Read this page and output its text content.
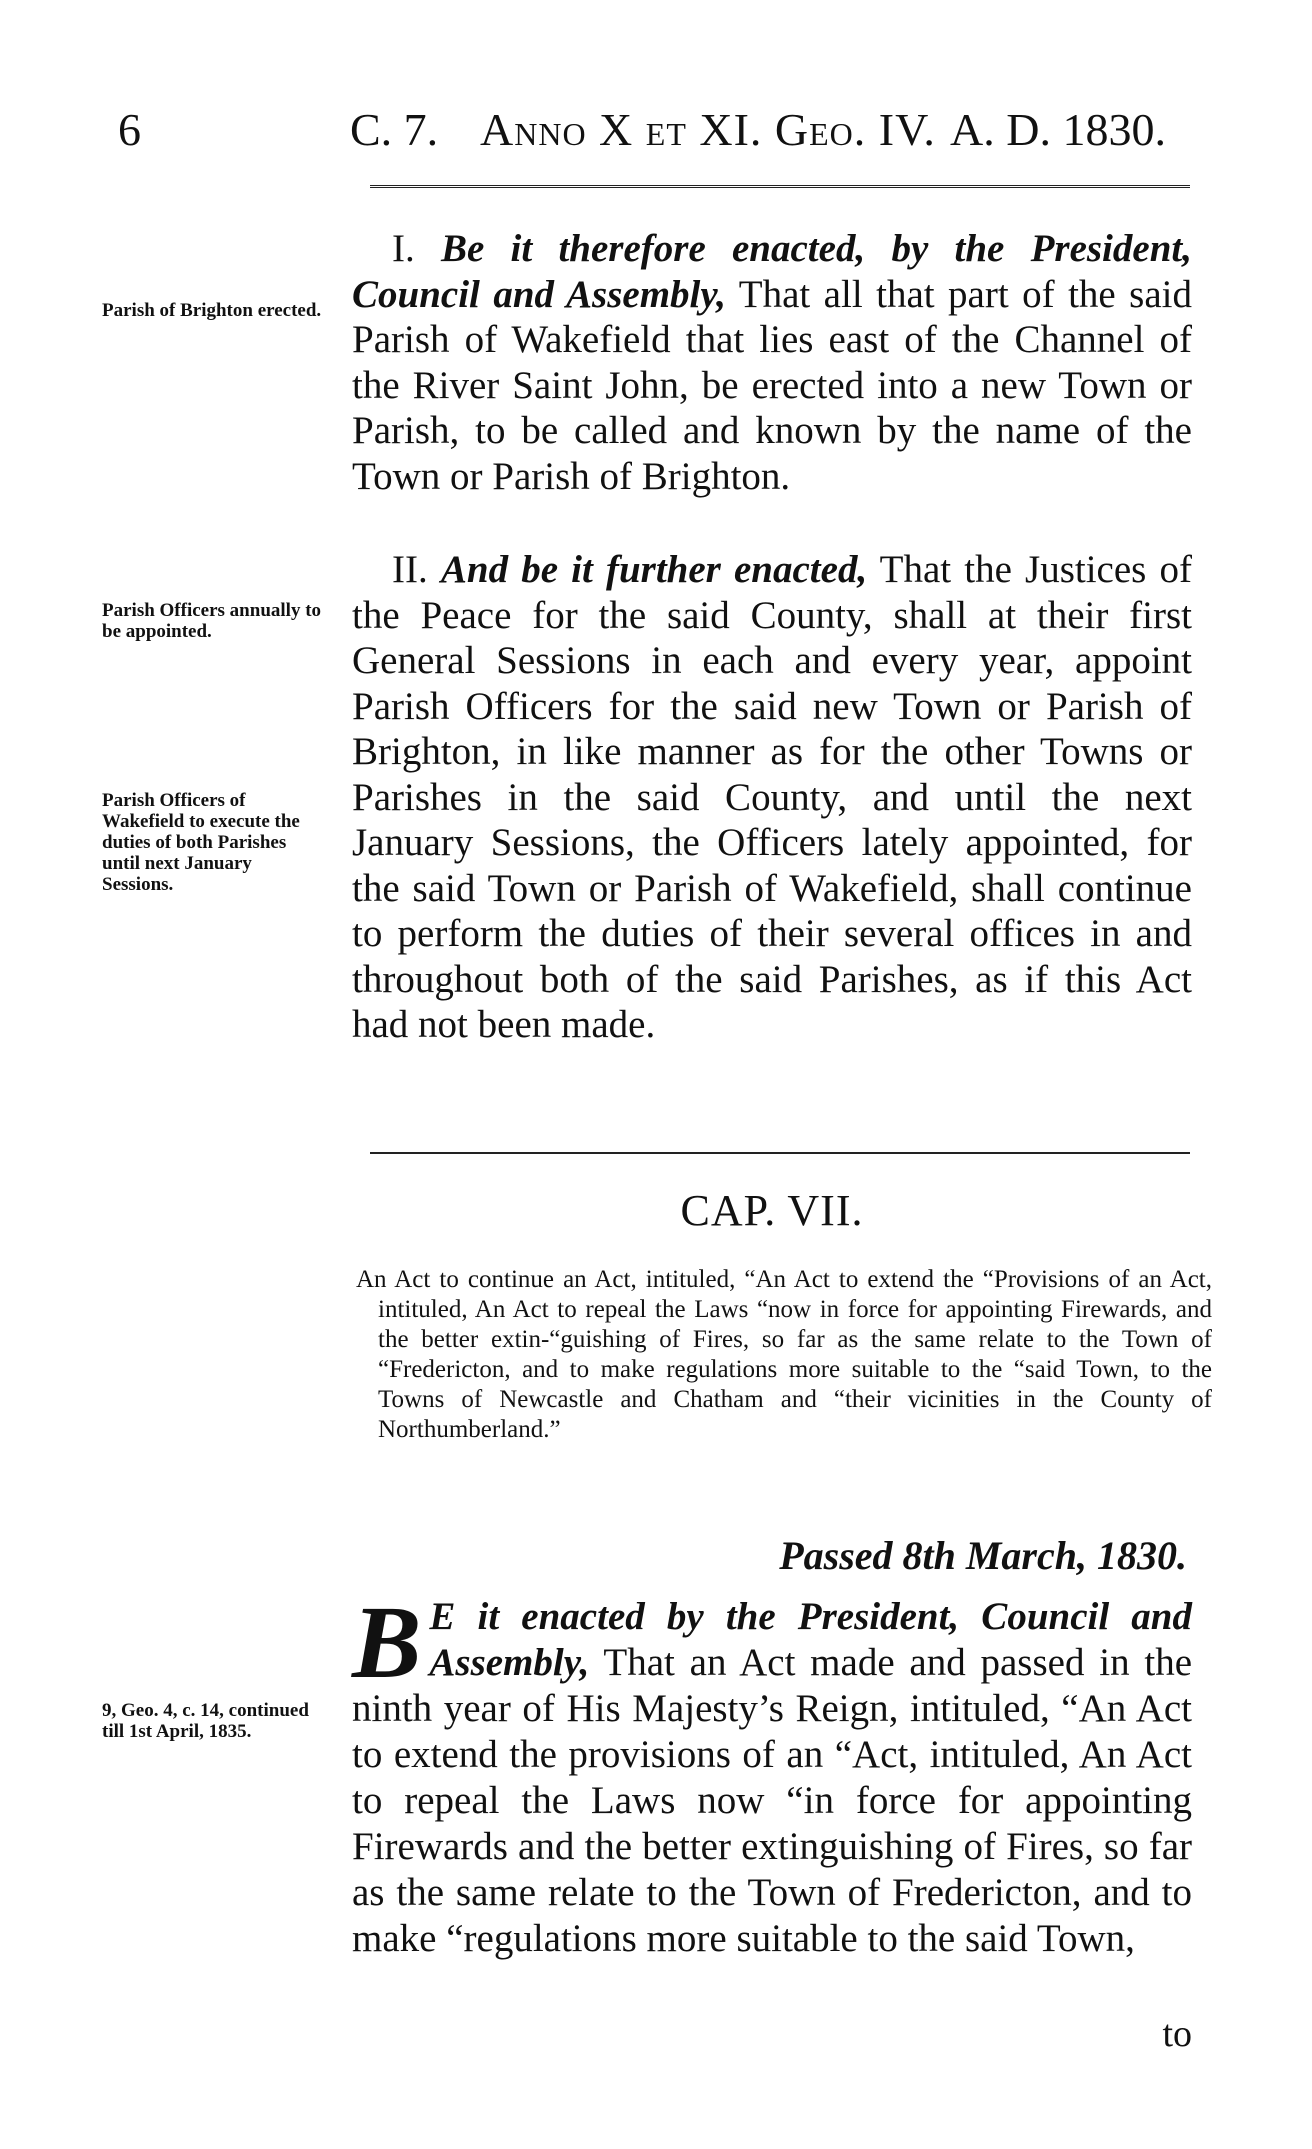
6	C. 7. Anno X et XI. Geo. IV. A. D. 1830.
Parish of Brighton erected.
Parish Officers annually to be appointed.
Parish Officers of Wakefield to execute the duties of both Parishes until next January Sessions.
9, Geo. 4, c. 14, continued till 1st April, 1835.

I. Be it therefore enacted, by the President, Council and Assembly, That all that part of the said Parish of Wakefield that lies east of the Channel of the River Saint John, be erected into a new Town or Parish, to be called and known by the name of the Town or Parish of Brighton.

II. And be it further enacted, That the Justices of the Peace for the said County, shall at their first General Sessions in each and every year, appoint Parish Officers for the said new Town or Parish of Brighton, in like manner as for the other Towns or Parishes in the said County, and until the next January Sessions, the Officers lately appointed, for the said Town or Parish of Wakefield, shall continue to perform the duties of their several offices in and throughout both of the said Parishes, as if this Act had not been made.

CAP. VII.
An Act to continue an Act, intituled, “An Act to extend the “Provisions of an Act, intituled, An Act to repeal the Laws “now in force for appointing Firewards, and the better extin-“guishing of Fires, so far as the same relate to the Town of “Fredericton, and to make regulations more suitable to the “said Town, to the Towns of Newcastle and Chatham and “their vicinities in the County of Northumberland.”
Passed 8th March, 1830.
B E it enacted by the President, Council and Assembly, That an Act made and passed in the ninth year of His Majesty’s Reign, intituled, “An Act to extend the provisions of an “Act, intituled, An Act to repeal the Laws now “in force for appointing Firewards and the better extinguishing of Fires, so far as the same relate to the Town of Fredericton, and to make “regulations more suitable to the said Town,
to
